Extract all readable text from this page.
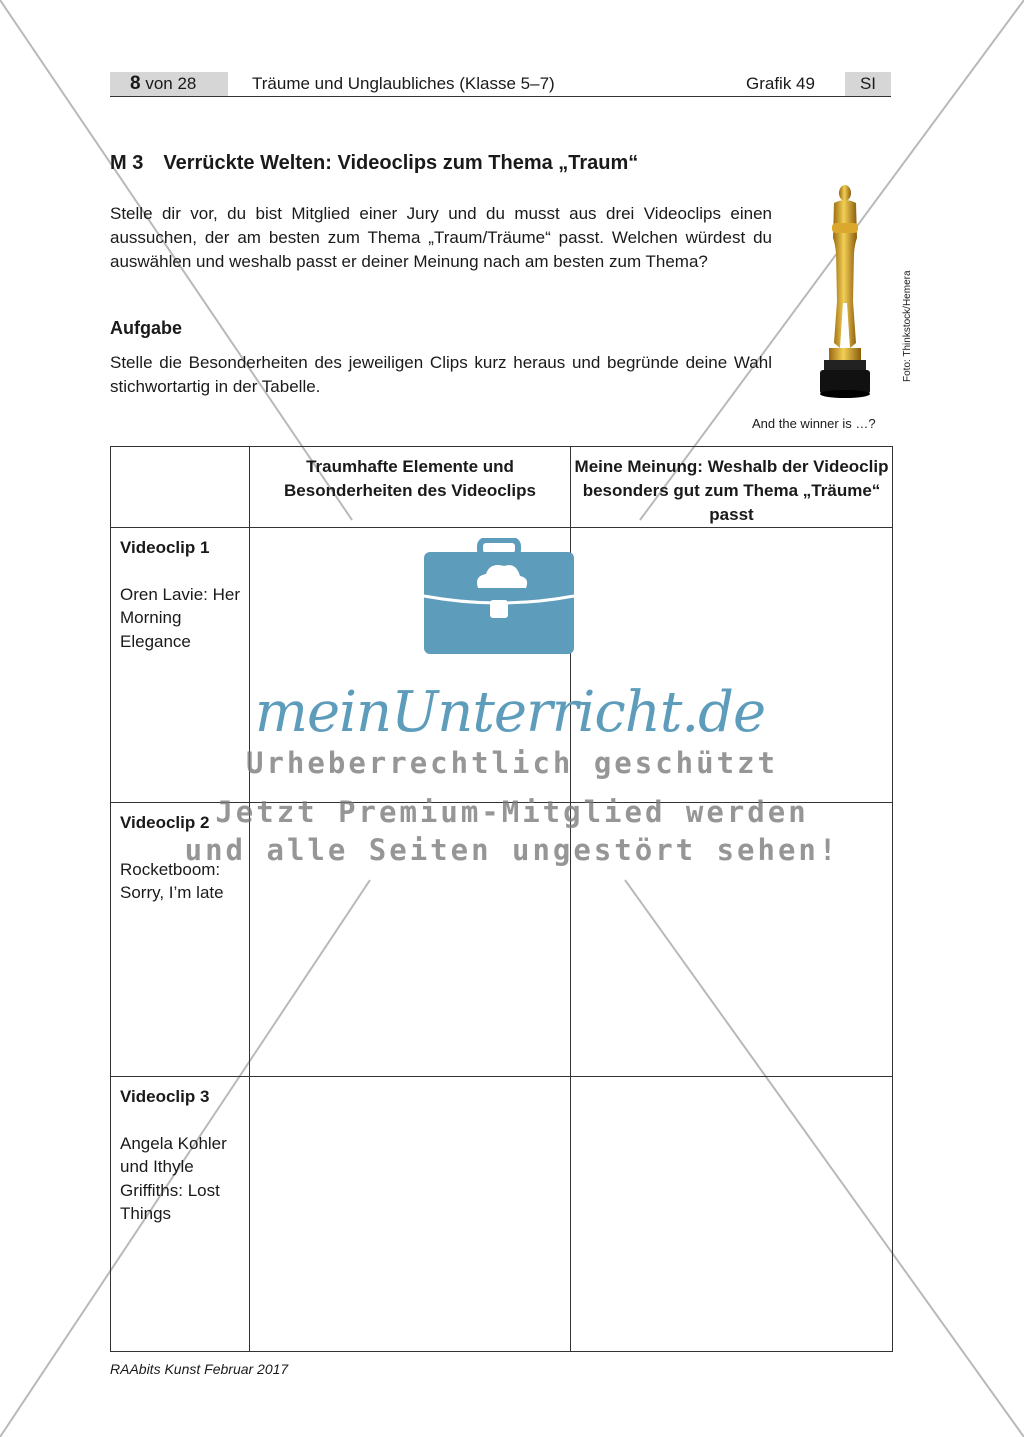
8 von 28	Träume und Unglaubliches (Klasse 5–7)	Grafik 49	SI
M 3 Verrückte Welten: Videoclips zum Thema „Traum“
Stelle dir vor, du bist Mitglied einer Jury und du musst aus drei Videoclips einen aussuchen, der am besten zum Thema „Traum/Träume“ passt. Welchen würdest du auswählen und weshalb passt er deiner Meinung nach am besten zum Thema?
Aufgabe
Stelle die Besonderheiten des jeweiligen Clips kurz heraus und begründe deine Wahl stichwortartig in der Tabelle.
Foto: Thinkstock/Hemera
And the winner is …?
	Traumhafte Elemente und Besonderheiten des Videoclips	Meine Meinung: Weshalb der Videoclip besonders gut zum Thema „Träume“ passt

Videoclip 1
Oren Lavie: Her Morning Elegance		

Videoclip 2
Rocketboom: Sorry, I’m late		

Videoclip 3
Angela Kohler und Ithyle Griffiths: Lost Things		
meinUnterricht.de
Urheberrechtlich geschützt
Jetzt Premium-Mitglied werden
und alle Seiten ungestört sehen!
RAAbits Kunst Februar 2017
